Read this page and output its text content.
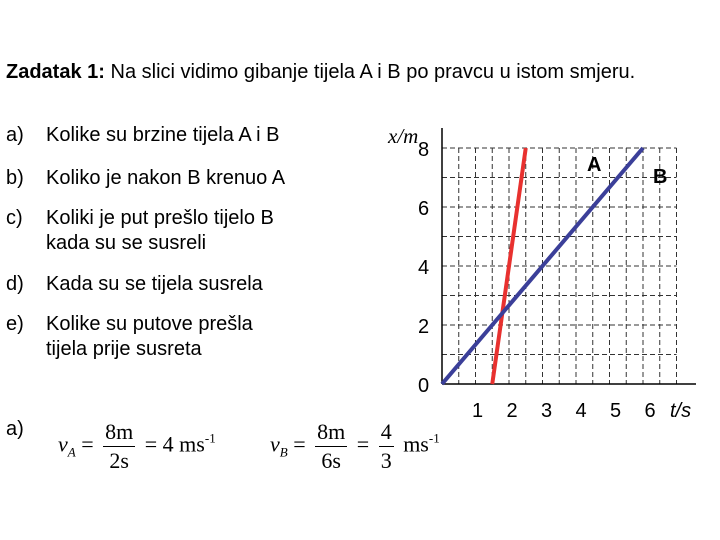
Zadatak 1: Na slici vidimo gibanje tijela A i B po pravcu u istom smjeru.
a) Kolike su brzine tijela A i B
b) Koliko je nakon B krenuo A
c) Koliki je put prešlo tijelo B
kada su se susreli
d) Kada su se tijela susrela
e) Kolike su putove prešla
tijela prije susreta
x/m
0
2
4
6
8
1 2 3 4 5 6 t/s
A
B
a)
$v_A = \frac{8m}{2s} = 4$ $ms^{-1}$ $v_B = \frac{8m}{6s} = \frac{4}{3} ms^{-1}$
